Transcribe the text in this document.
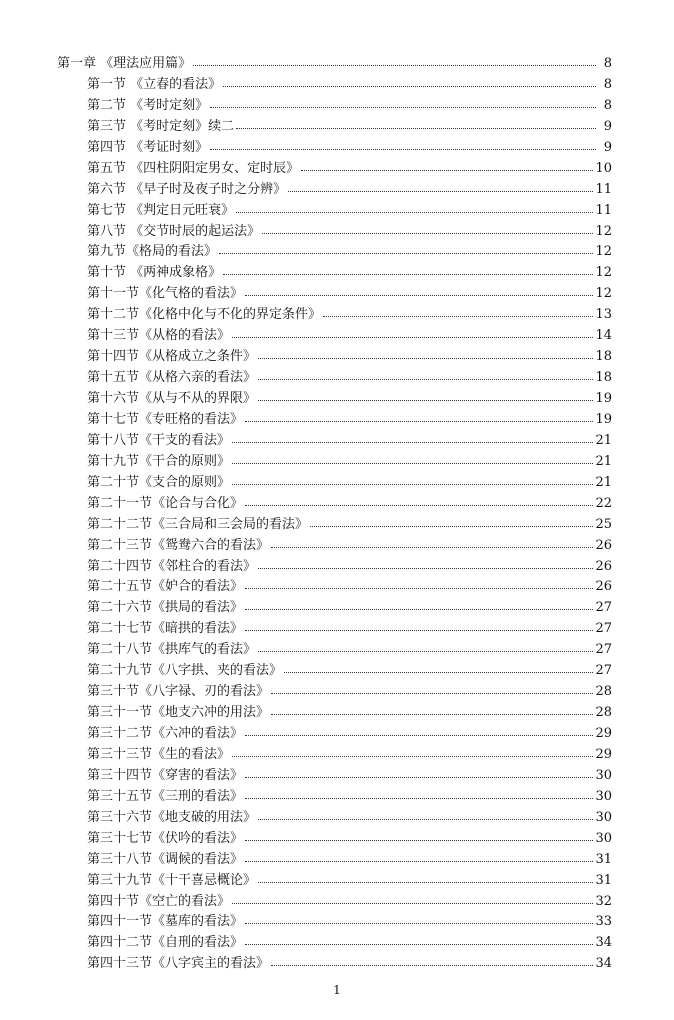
第一章 《理法应用篇》	8
第一节 《立春的看法》	8
第二节 《考时定刻》	8
第三节 《考时定刻》续二	9
第四节 《考证时刻》	9
第五节 《四柱阴阳定男女、定时辰》	10
第六节 《早子时及夜子时之分辨》	11
第七节 《判定日元旺衰》	11
第八节 《交节时辰的起运法》	12
第九节《格局的看法》	12
第十节 《两神成象格》	12
第十一节《化气格的看法》	12
第十二节《化格中化与不化的界定条件》	13
第十三节《从格的看法》	14
第十四节《从格成立之条件》	18
第十五节《从格六亲的看法》	18
第十六节《从与不从的界限》	19
第十七节《专旺格的看法》	19
第十八节《干支的看法》	21
第十九节《干合的原则》	21
第二十节《支合的原则》	21
第二十一节《论合与合化》	22
第二十二节《三合局和三会局的看法》	25
第二十三节《鸳鸯六合的看法》	26
第二十四节《邻柱合的看法》	26
第二十五节《妒合的看法》	26
第二十六节《拱局的看法》	27
第二十七节《暗拱的看法》	27
第二十八节《拱库气的看法》	27
第二十九节《八字拱、夹的看法》	27
第三十节《八字禄、刃的看法》	28
第三十一节《地支六冲的用法》	28
第三十二节《六冲的看法》	29
第三十三节《生的看法》	29
第三十四节《穿害的看法》	30
第三十五节《三刑的看法》	30
第三十六节《地支破的用法》	30
第三十七节《伏吟的看法》	30
第三十八节《调候的看法》	31
第三十九节《十干喜忌概论》	31
第四十节《空亡的看法》	32
第四十一节《墓库的看法》	33
第四十二节《自刑的看法》	34
第四十三节《八字宾主的看法》	34
1
